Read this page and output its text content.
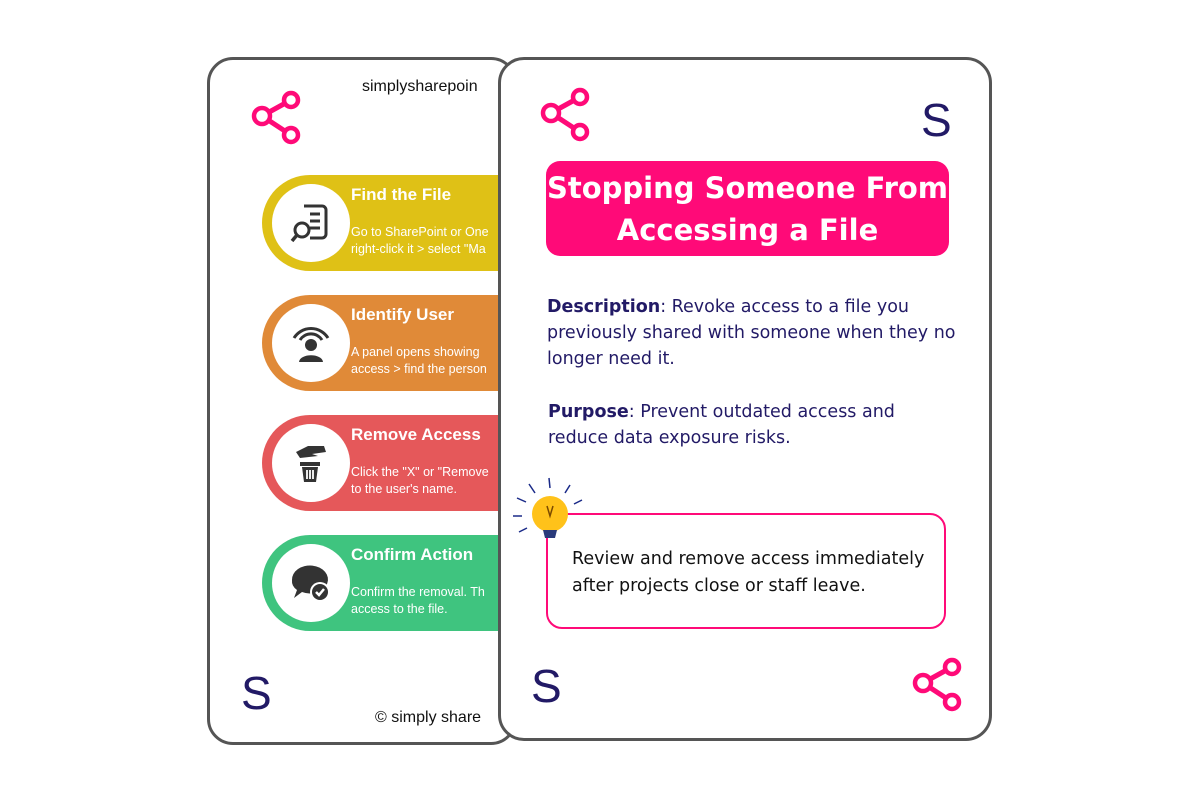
simplysharepoin
Find the File
Go to SharePoint or One
right-click it > select "Ma
Identify User
A panel opens showing
access > find the person
Remove Access
Click the "X" or "Remove
to the user's name.
Confirm Action
Confirm the removal. Th
access to the file.
S	© simply share
S
Stopping Someone From
Accessing a File
Description: Revoke access to a file you previously shared with someone when they no longer need it.
Purpose: Prevent outdated access and reduce data exposure risks.
Review and remove access immediately after projects close or staff leave.
S
